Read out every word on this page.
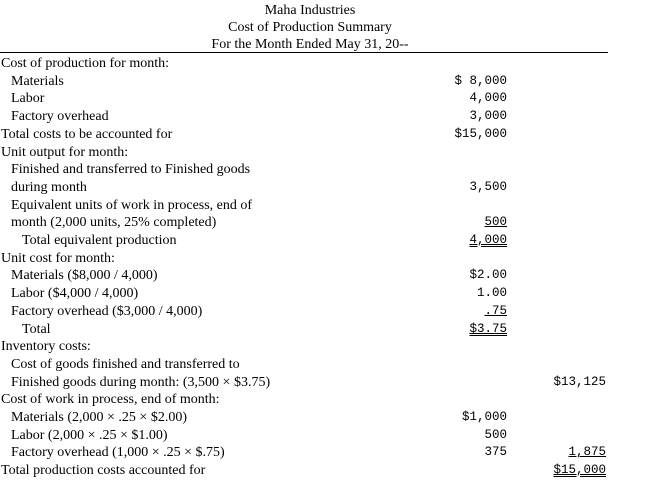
Maha Industries
Cost of Production Summary
For the Month Ended May 31, 20--
Cost of production for month:
Materials	$ 8,000
Labor	4,000
Factory overhead	3,000
Total costs to be accounted for	$15,000
Unit output for month:
Finished and transferred to Finished goods
during month	3,500
Equivalent units of work in process, end of
month (2,000 units, 25% completed)	500
Total equivalent production	4,000
Unit cost for month:
Materials ($8,000 / 4,000)	$2.00
Labor ($4,000 / 4,000)	1.00
Factory overhead ($3,000 / 4,000)	.75
Total	$3.75
Inventory costs:
Cost of goods finished and transferred to
Finished goods during month: (3,500 × $3.75)	$13,125
Cost of work in process, end of month:
Materials (2,000 × .25 × $2.00)	$1,000
Labor (2,000 × .25 × $1.00)	500
Factory overhead (1,000 × .25 × $.75)	375	1,875
Total production costs accounted for	$15,000
